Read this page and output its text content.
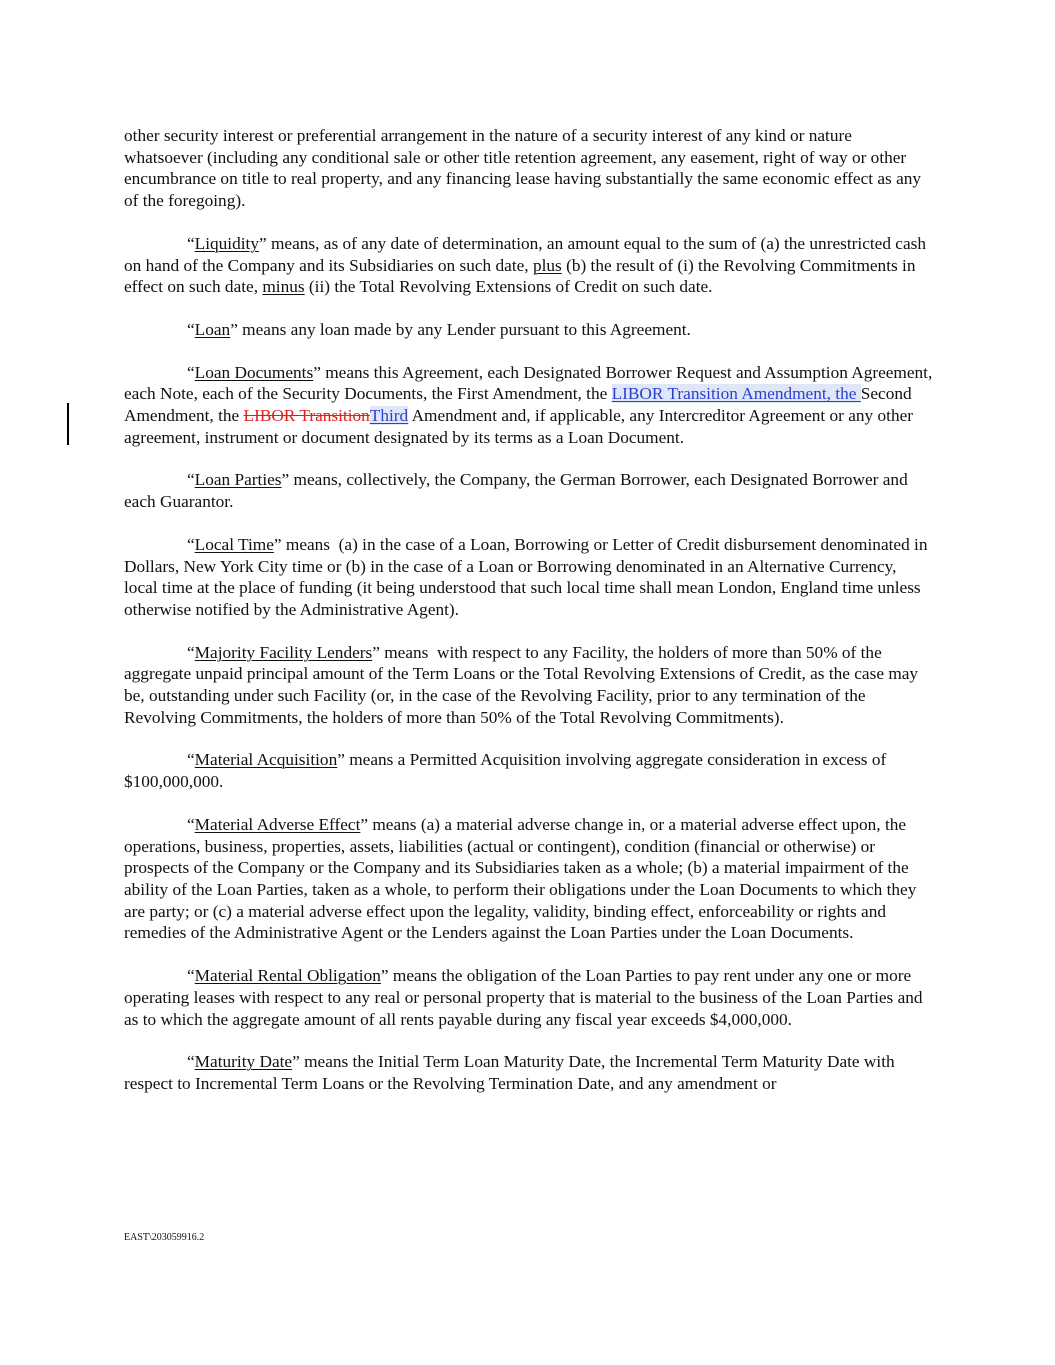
other security interest or preferential arrangement in the nature of a security interest of any kind or nature whatsoever (including any conditional sale or other title retention agreement, any easement, right of way or other encumbrance on title to real property, and any financing lease having substantially the same economic effect as any of the foregoing).

“Liquidity” means, as of any date of determination, an amount equal to the sum of (a) the unrestricted cash on hand of the Company and its Subsidiaries on such date, plus (b) the result of (i) the Revolving Commitments in effect on such date, minus (ii) the Total Revolving Extensions of Credit on such date.

“Loan” means any loan made by any Lender pursuant to this Agreement.

“Loan Documents” means this Agreement, each Designated Borrower Request and Assumption Agreement, each Note, each of the Security Documents, the First Amendment, the LIBOR Transition Amendment, the Second Amendment, the LIBOR TransitionThird Amendment and, if applicable, any Intercreditor Agreement or any other agreement, instrument or document designated by its terms as a Loan Document.

“Loan Parties” means, collectively, the Company, the German Borrower, each Designated Borrower and each Guarantor.

“Local Time” means  (a) in the case of a Loan, Borrowing or Letter of Credit disbursement denominated in Dollars, New York City time or (b) in the case of a Loan or Borrowing denominated in an Alternative Currency, local time at the place of funding (it being understood that such local time shall mean London, England time unless otherwise notified by the Administrative Agent).

“Majority Facility Lenders” means  with respect to any Facility, the holders of more than 50% of the aggregate unpaid principal amount of the Term Loans or the Total Revolving Extensions of Credit, as the case may be, outstanding under such Facility (or, in the case of the Revolving Facility, prior to any termination of the Revolving Commitments, the holders of more than 50% of the Total Revolving Commitments).

“Material Acquisition” means a Permitted Acquisition involving aggregate consideration in excess of $100,000,000.

“Material Adverse Effect” means (a) a material adverse change in, or a material adverse effect upon, the operations, business, properties, assets, liabilities (actual or contingent), condition (financial or otherwise) or prospects of the Company or the Company and its Subsidiaries taken as a whole; (b) a material impairment of the ability of the Loan Parties, taken as a whole, to perform their obligations under the Loan Documents to which they are party; or (c) a material adverse effect upon the legality, validity, binding effect, enforceability or rights and remedies of the Administrative Agent or the Lenders against the Loan Parties under the Loan Documents.

“Material Rental Obligation” means the obligation of the Loan Parties to pay rent under any one or more operating leases with respect to any real or personal property that is material to the business of the Loan Parties and as to which the aggregate amount of all rents payable during any fiscal year exceeds $4,000,000.

“Maturity Date” means the Initial Term Loan Maturity Date, the Incremental Term Maturity Date with respect to Incremental Term Loans or the Revolving Termination Date, and any amendment or

EAST\203059916.2
